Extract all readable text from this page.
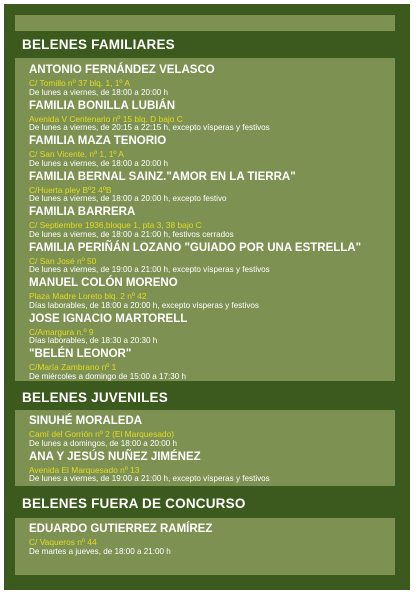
BELENES FAMILIARES
ANTONIO FERNÁNDEZ VELASCO
C/ Tomillo nº 37 blq. 1, 1º A
De lunes a viernes, de 18:00 a 20:00 h
FAMILIA BONILLA LUBIÁN
Avenida V Centenario nº 15 blq. D bajo C
De lunes a viernes, de 20:15 a 22:15 h, excepto vísperas y festivos
FAMILIA MAZA TENORIO
C/ San Vicente, nº 1, 1º A
De lunes a viernes, de 18:00 a 20:00 h
FAMILIA BERNAL SAINZ."AMOR EN LA TIERRA"
C/Huerta pley Bº2 4ºB
De lunes a viernes, de 18:00 a 20:00 h, excepto festivo
FAMILIA BARRERA
C/ Septiembre 1936,bloque 1, pta 3, 38 bajo C
De lunes a viernes, de 18:00 a 21:00 h, festivos cerrados
FAMILIA PERIÑÁN LOZANO "GUIADO POR UNA ESTRELLA"
C/ San José nº 50
De lunes a viernes, de 19:00 a 21:00 h, excepto vísperas y festivos
MANUEL COLÓN MORENO
Plaza Madre Loreto blq. 2 nº 42
Días laborables, de 18:00 a 20:00 h, excepto vísperas y festivos
JOSE IGNACIO MARTORELL
C/Amargura n.º 9
Días laborables, de 18:30 a 20:30 h
"BELÉN LEONOR"
C/María Zambrano nº 1
De miércoles a domingo de 15:00 a 17:30 h
BELENES JUVENILES
SINUHÉ MORALEDA
Camí del Gorrión nº 2 (El Marquesado)
De lunes a domingos, de 18:00 a 20:00 h
ANA Y JESÚS NUÑEZ JIMÉNEZ
Avenida El Marquesado nº 13
De lunes a viernes, de 19:00 a 21:00 h, excepto vísperas y festivos
BELENES FUERA DE CONCURSO
EDUARDO GUTIERREZ RAMÍREZ
C/ Vaqueros nº 44
De martes a jueves, de 18:00 a 21:00 h
